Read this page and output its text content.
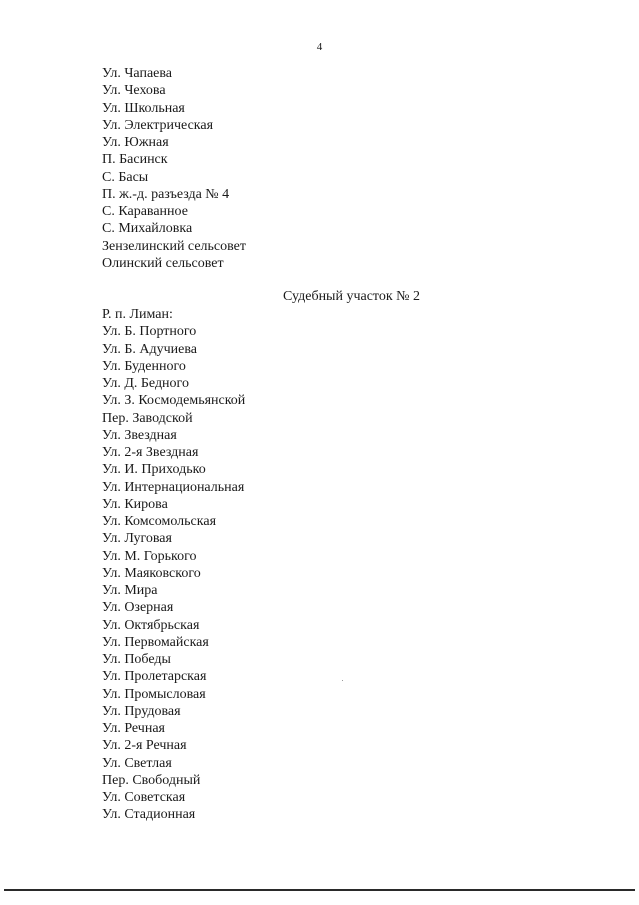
4
Ул. Чапаева
Ул. Чехова
Ул. Школьная
Ул. Электрическая
Ул. Южная
П. Басинск
С. Басы
П. ж.-д. разъезда № 4
С. Караванное
С. Михайловка
Зензелинский сельсовет
Олинский сельсовет
Судебный участок № 2
Р. п. Лиман:
Ул. Б. Портного
Ул. Б. Адучиева
Ул. Буденного
Ул. Д. Бедного
Ул. З. Космодемьянской
Пер. Заводской
Ул. Звездная
Ул. 2-я Звездная
Ул. И. Приходько
Ул. Интернациональная
Ул. Кирова
Ул. Комсомольская
Ул. Луговая
Ул. М. Горького
Ул. Маяковского
Ул. Мира
Ул. Озерная
Ул. Октябрьская
Ул. Первомайская
Ул. Победы
Ул. Пролетарская
Ул. Промысловая
Ул. Прудовая
Ул. Речная
Ул. 2-я Речная
Ул. Светлая
Пер. Свободный
Ул. Советская
Ул. Стадионная
